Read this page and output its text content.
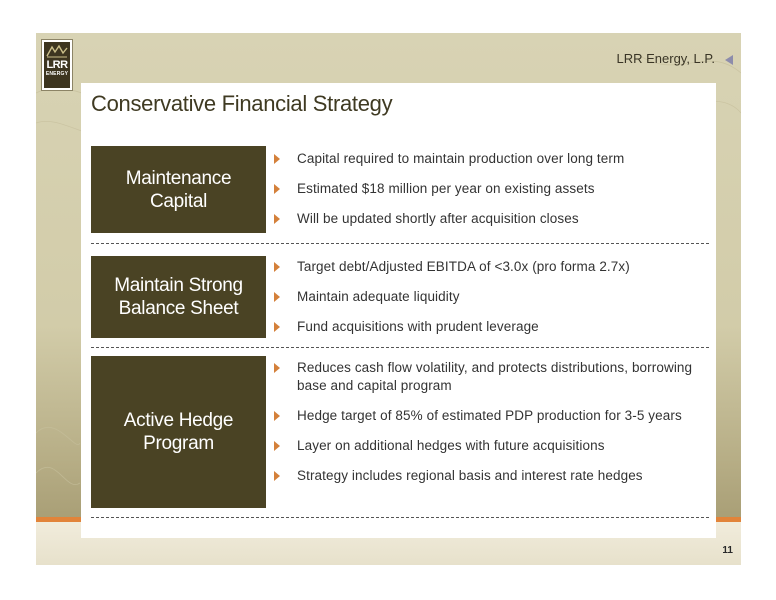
LRR
ENERGY
LRR Energy, L.P.
Conservative Financial Strategy
Maintenance
Capital
Capital required to maintain production over long term
Estimated $18 million per year on existing assets
Will be updated shortly after acquisition closes
Maintain Strong
Balance Sheet
Target debt/Adjusted EBITDA of <3.0x (pro forma 2.7x)
Maintain adequate liquidity
Fund acquisitions with prudent leverage
Active Hedge
Program
Reduces cash flow volatility, and protects distributions, borrowing base and capital program
Hedge target of 85% of estimated PDP production for 3-5 years
Layer on additional hedges with future acquisitions
Strategy includes regional basis and interest rate hedges
11
